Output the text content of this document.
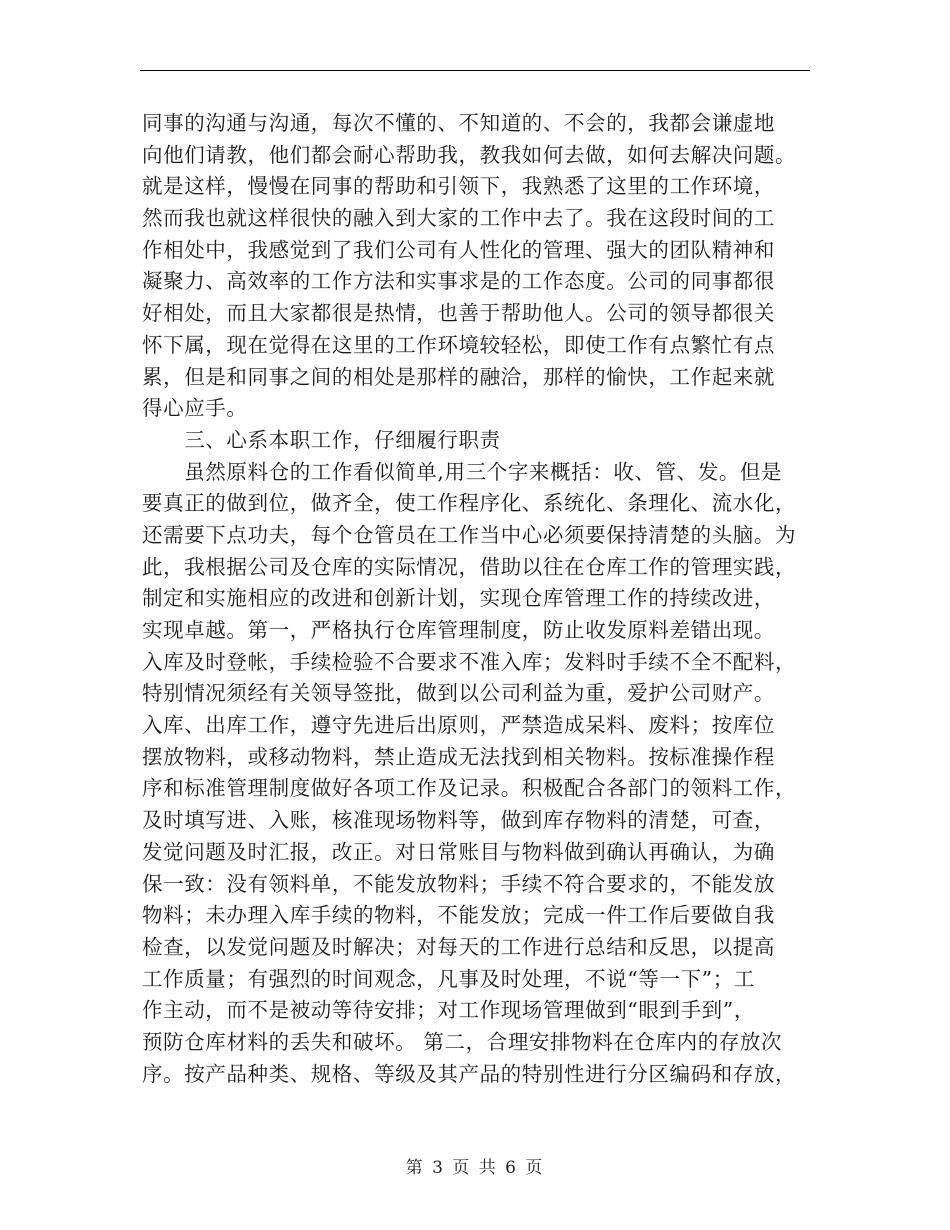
同事的沟通与沟通，每次不懂的、不知道的、不会的，我都会谦虚地
向他们请教，他们都会耐心帮助我，教我如何去做，如何去解决问题。
就是这样，慢慢在同事的帮助和引领下，我熟悉了这里的工作环境，
然而我也就这样很快的融入到大家的工作中去了。我在这段时间的工
作相处中，我感觉到了我们公司有人性化的管理、强大的团队精神和
凝聚力、高效率的工作方法和实事求是的工作态度。公司的同事都很
好相处，而且大家都很是热情，也善于帮助他人。公司的领导都很关
怀下属，现在觉得在这里的工作环境较轻松，即使工作有点繁忙有点
累，但是和同事之间的相处是那样的融洽，那样的愉快，工作起来就
得心应手。
　　三、心系本职工作，仔细履行职责
　　虽然原料仓的工作看似简单,用三个字来概括：收、管、发。但是
要真正的做到位，做齐全，使工作程序化、系统化、条理化、流水化，
还需要下点功夫，每个仓管员在工作当中心必须要保持清楚的头脑。为
此，我根据公司及仓库的实际情况，借助以往在仓库工作的管理实践，
制定和实施相应的改进和创新计划，实现仓库管理工作的持续改进，
实现卓越。第一，严格执行仓库管理制度，防止收发原料差错出现。
入库及时登帐，手续检验不合要求不准入库；发料时手续不全不配料，
特别情况须经有关领导签批，做到以公司利益为重，爱护公司财产。
入库、出库工作，遵守先进后出原则，严禁造成呆料、废料；按库位
摆放物料，或移动物料，禁止造成无法找到相关物料。按标准操作程
序和标准管理制度做好各项工作及记录。积极配合各部门的领料工作，
及时填写进、入账，核准现场物料等，做到库存物料的清楚，可查，
发觉问题及时汇报，改正。对日常账目与物料做到确认再确认，为确
保一致：没有领料单，不能发放物料；手续不符合要求的，不能发放
物料；未办理入库手续的物料，不能发放；完成一件工作后要做自我
检查，以发觉问题及时解决；对每天的工作进行总结和反思，以提高
工作质量；有强烈的时间观念，凡事及时处理，不说“等一下”；工
作主动，而不是被动等待安排；对工作现场管理做到“眼到手到”，
预防仓库材料的丢失和破坏。 第二，合理安排物料在仓库内的存放次
序。按产品种类、规格、等级及其产品的特别性进行分区编码和存放，
第 3 页 共 6 页
